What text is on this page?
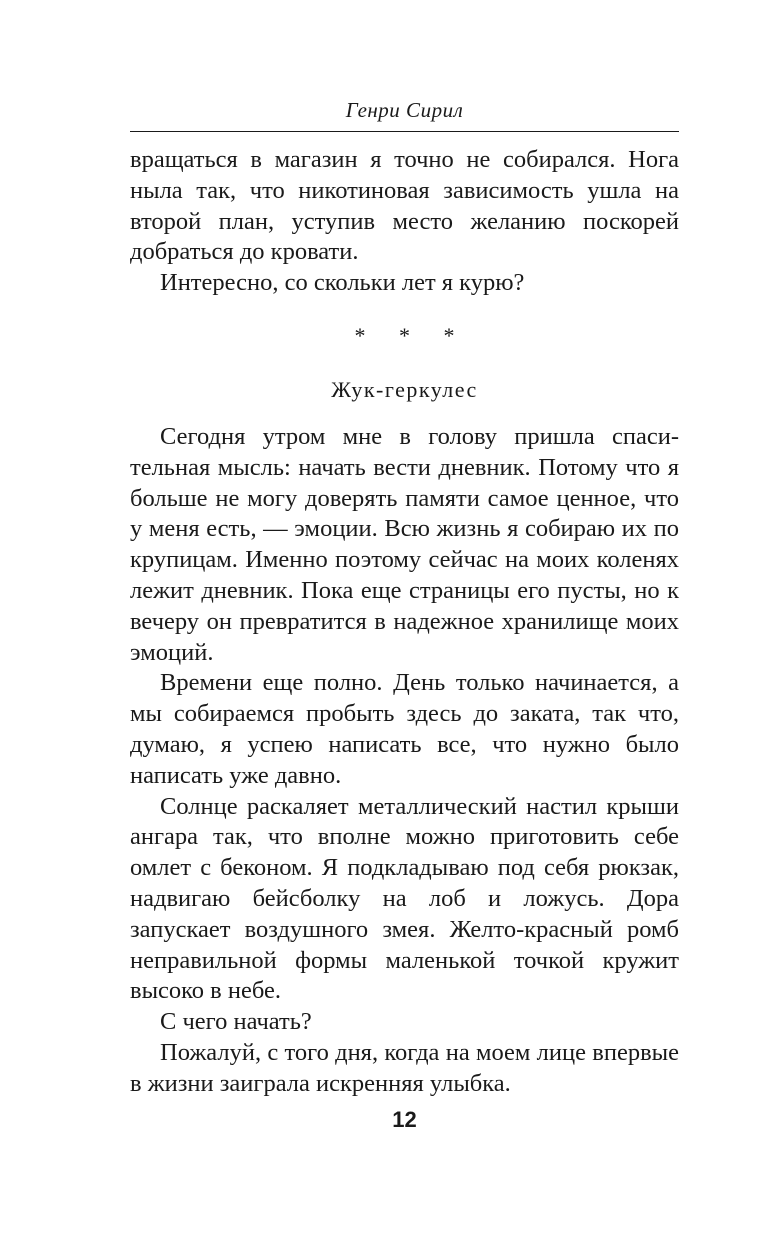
Генри Сирил

вращаться в магазин я точно не собирался. Нога ныла так, что никотиновая зависимость ушла на второй план, уступив место желанию поскорей добраться до кровати.

Интересно, со скольки лет я курю?

* * *
Жук-геркулес

Сегодня утром мне в голову пришла спасительная мысль: начать вести дневник. Потому что я больше не могу доверять памяти самое ценное, что у меня есть, — эмоции. Всю жизнь я собираю их по крупицам. Именно поэтому сейчас на моих коленях лежит дневник. Пока еще страницы его пусты, но к вечеру он превратится в надежное хранилище моих эмоций.

Времени еще полно. День только начинается, а мы собираемся пробыть здесь до заката, так что, думаю, я успею написать все, что нужно было написать уже давно.

Солнце раскаляет металлический настил крыши ангара так, что вполне можно приготовить себе омлет с беконом. Я подкладываю под себя рюкзак, надвигаю бейсболку на лоб и ложусь. Дора запускает воздушного змея. Желто-красный ромб неправильной формы маленькой точкой кружит высоко в небе.

С чего начать?

Пожалуй, с того дня, когда на моем лице впервые в жизни заиграла искренняя улыбка.

12
